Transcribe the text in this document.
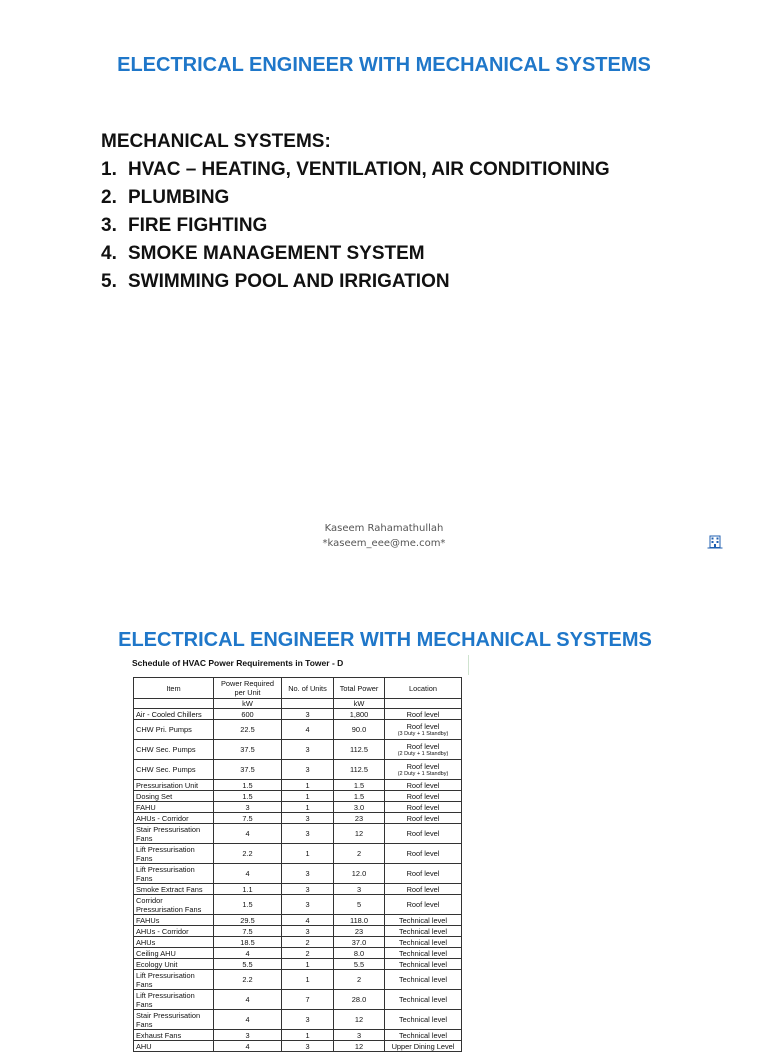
ELECTRICAL ENGINEER WITH MECHANICAL SYSTEMS
MECHANICAL SYSTEMS:
1. HVAC – HEATING, VENTILATION, AIR CONDITIONING
2. PLUMBING
3. FIRE FIGHTING
4. SMOKE MANAGEMENT SYSTEM
5. SWIMMING POOL AND IRRIGATION
Kaseem Rahamathullah
*kaseem_eee@me.com*
ELECTRICAL ENGINEER WITH MECHANICAL SYSTEMS
Schedule of HVAC Power Requirements in Tower - D
Item	Power Required per Unit	No. of Units	Total Power	Location
	kW		kW	
Air - Cooled Chillers	600	3	1,800	Roof level
CHW Pri. Pumps	22.5	4	90.0	Roof level
(3 Duty + 1 Standby)

CHW Sec. Pumps	37.5	3	112.5	Roof level
(2 Duty + 1 Standby)

CHW Sec. Pumps	37.5	3	112.5	Roof level
(2 Duty + 1 Standby)

Pressurisation Unit	1.5	1	1.5	Roof level
Dosing Set	1.5	1	1.5	Roof level
FAHU	3	1	3.0	Roof level
AHUs - Corridor	7.5	3	23	Roof level
Stair Pressurisation Fans	4	3	12	Roof level
Lift Pressurisation Fans	2.2	1	2	Roof level
Lift Pressurisation Fans	4	3	12.0	Roof level
Smoke Extract Fans	1.1	3	3	Roof level
Corridor Pressurisation Fans	1.5	3	5	Roof level
FAHUs	29.5	4	118.0	Technical level
AHUs - Corridor	7.5	3	23	Technical level
AHUs	18.5	2	37.0	Technical level
Ceiling AHU	4	2	8.0	Technical level
Ecology Unit	5.5	1	5.5	Technical level
Lift Pressurisation Fans	2.2	1	2	Technical level
Lift Pressurisation Fans	4	7	28.0	Technical level
Stair Pressurisation Fans	4	3	12	Technical level
Exhaust Fans	3	1	3	Technical level
AHU	4	3	12	Upper Dining Level
